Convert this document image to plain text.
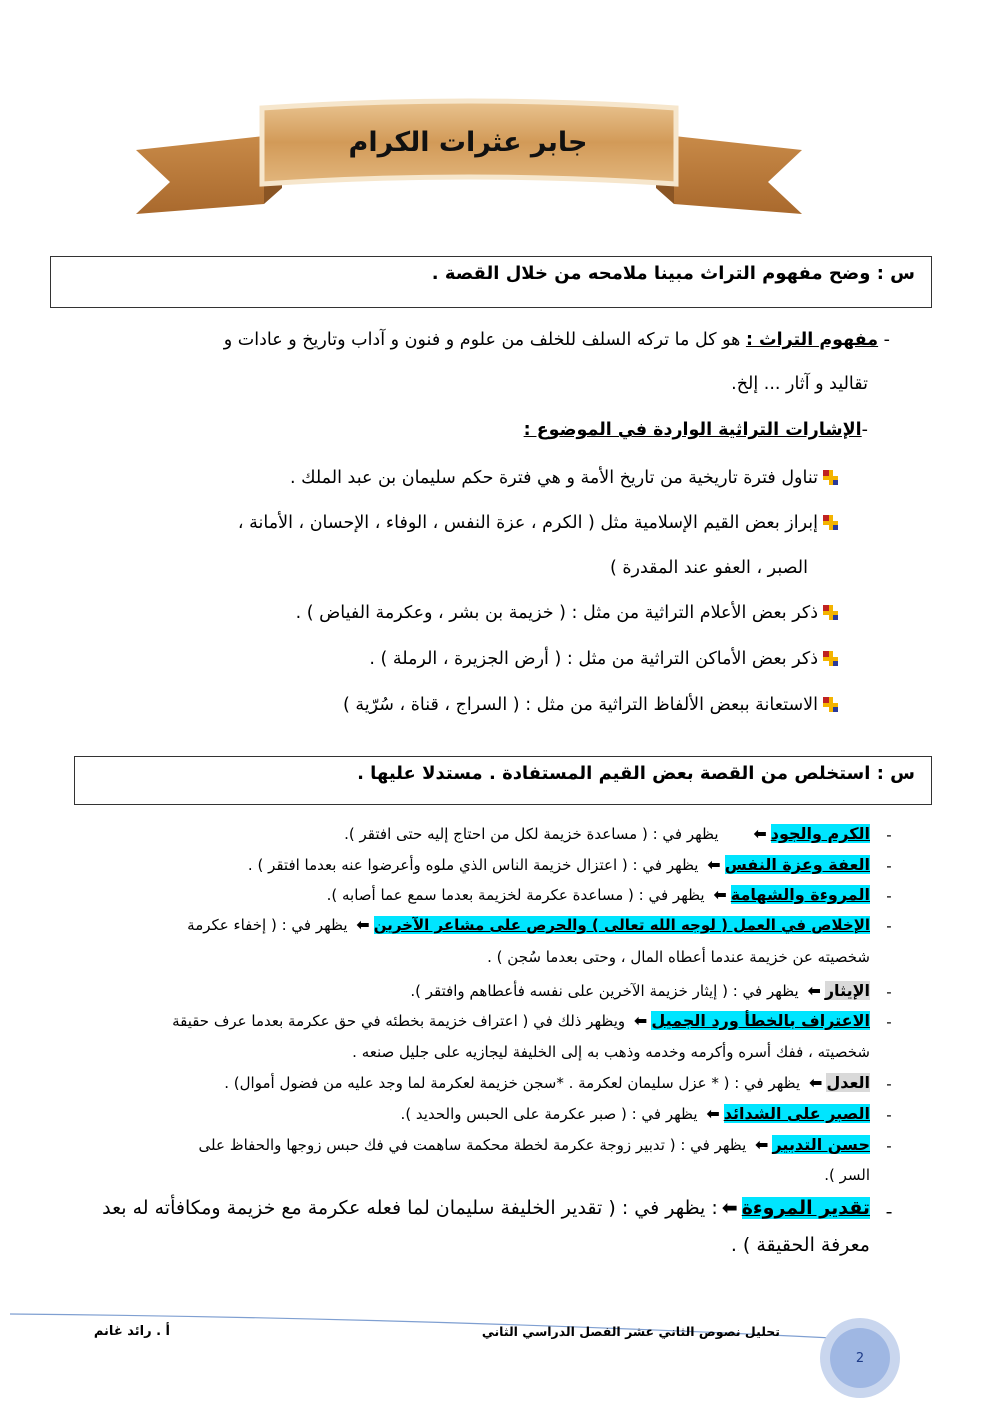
جابر عثرات الكرام
س : وضح مفهوم التراث مبينا ملامحه من خلال القصة .
- مفهوم التراث : هو كل ما تركه السلف للخلف من علوم و فنون و آداب وتاريخ و عادات و
تقاليد و آثار ... إلخ.
-الإشارات التراثية الواردة في الموضوع :
تناول فترة تاريخية من تاريخ الأمة و هي فترة حكم سليمان بن عبد الملك .
إبراز بعض القيم الإسلامية مثل ( الكرم ، عزة النفس ، الوفاء ، الإحسان ، الأمانة ،
الصبر ، العفو عند المقدرة )
ذكر بعض الأعلام التراثية من مثل : ( خزيمة بن بشر ، وعكرمة الفياض ) .
ذكر بعض الأماكن التراثية من مثل : ( أرض الجزيرة ، الرملة ) .
الاستعانة ببعض الألفاظ التراثية من مثل : ( السراج ، قناة ، سُرّية )
س : استخلص من القصة بعض القيم المستفادة . مستدلا عليها .
-
الكرم والجود⬅ يظهر في : ( مساعدة خزيمة لكل من احتاج إليه حتى افتقر ).
-
العفة وعزة النفس⬅ يظهر في : ( اعتزال خزيمة الناس الذي ملوه وأعرضوا عنه بعدما افتقر ) .
-
المروءة والشهامة⬅ يظهر في : ( مساعدة عكرمة لخزيمة بعدما سمع عما أصابه ).
-
الإخلاص في العمل ( لوجه الله تعالى ) والحرص على مشاعر الآخرين⬅ يظهر في : ( إخفاء عكرمة
شخصيته عن خزيمة عندما أعطاه المال ، وحتى بعدما سُجن ) .
-
الإيثار⬅ يظهر في : ( إيثار خزيمة الآخرين على نفسه فأعطاهم وافتقر ).
-
الاعتراف بالخطأ ورد الجميل⬅ ويظهر ذلك في ( اعتراف خزيمة بخطئه في حق عكرمة بعدما عرف حقيقة
شخصيته ، ففك أسره وأكرمه وخدمه وذهب به إلى الخليفة ليجازيه على جليل صنعه .
-
العدل⬅ يظهر في : ( * عزل سليمان لعكرمة . *سجن خزيمة لعكرمة لما وجد عليه من فضول أموال) .
-
الصبر على الشدائد⬅ يظهر في : ( صبر عكرمة على الحبس والحديد ).
-
حسن التدبير⬅ يظهر في : ( تدبير زوجة عكرمة لخطة محكمة ساهمت في فك حبس زوجها والحفاظ على
السر ).
-
تقدير المروءة⬅: يظهر في : ( تقدير الخليفة سليمان لما فعله عكرمة مع خزيمة ومكافأته له بعد
معرفة الحقيقة ) .
تحليل نصوص الثاني عشر الفصل الدراسي الثاني
أ . رائد غانم
2
